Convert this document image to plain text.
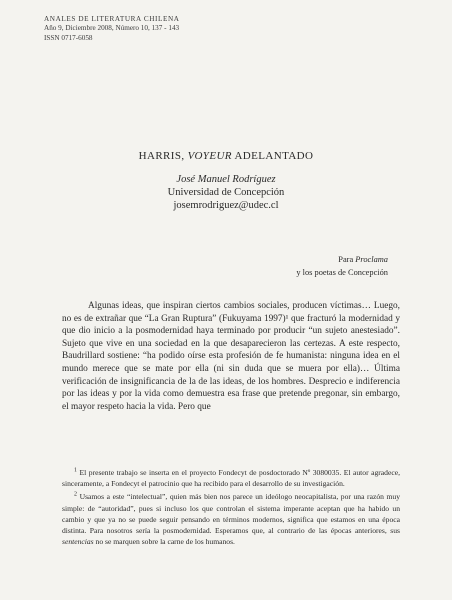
ANALES DE LITERATURA CHILENA
Año 9, Diciembre 2008, Número 10, 137 - 143
ISSN 0717-6058
HARRIS, VOYEUR ADELANTADO
José Manuel Rodríguez
Universidad de Concepción
josemrodriguez@udec.cl
Para Proclama
y los poetas de Concepción
Algunas ideas, que inspiran ciertos cambios sociales, producen víctimas… Luego, no es de extrañar que “La Gran Ruptura” (Fukuyama 1997)¹ que fracturó la modernidad y que dio inicio a la posmodernidad haya terminado por producir “un sujeto anestesiado”. Sujeto que vive en una sociedad en la que desaparecieron las certezas. A este respecto, Baudrillard sostiene: “ha podido oírse esta profesión de fe humanista: ninguna idea en el mundo merece que se mate por ella (ni sin duda que se muera por ella)… Última verificación de insignificancia de la de las ideas, de los hombres. Desprecio e indiferencia por las ideas y por la vida como demuestra esa frase que pretende pregonar, sin embargo, el mayor respeto hacia la vida. Pero que

$^1$ El presente trabajo se inserta en el proyecto Fondecyt de posdoctorado Nº 3080035. El autor agradece, sinceramente, a Fondecyt el patrocinio que ha recibido para el desarrollo de su investigación.

$^2$ Usamos a este “intelectual”, quien más bien nos parece un ideólogo neocapitalista, por una razón muy simple: de “autoridad”, pues si incluso los que controlan el sistema imperante aceptan que ha habido un cambio y que ya no se puede seguir pensando en términos modernos, significa que estamos en una época distinta. Para nosotros sería la posmodernidad. Esperamos que, al contrario de las épocas anteriores, sus sentencias no se marquen sobre la carne de los humanos.
